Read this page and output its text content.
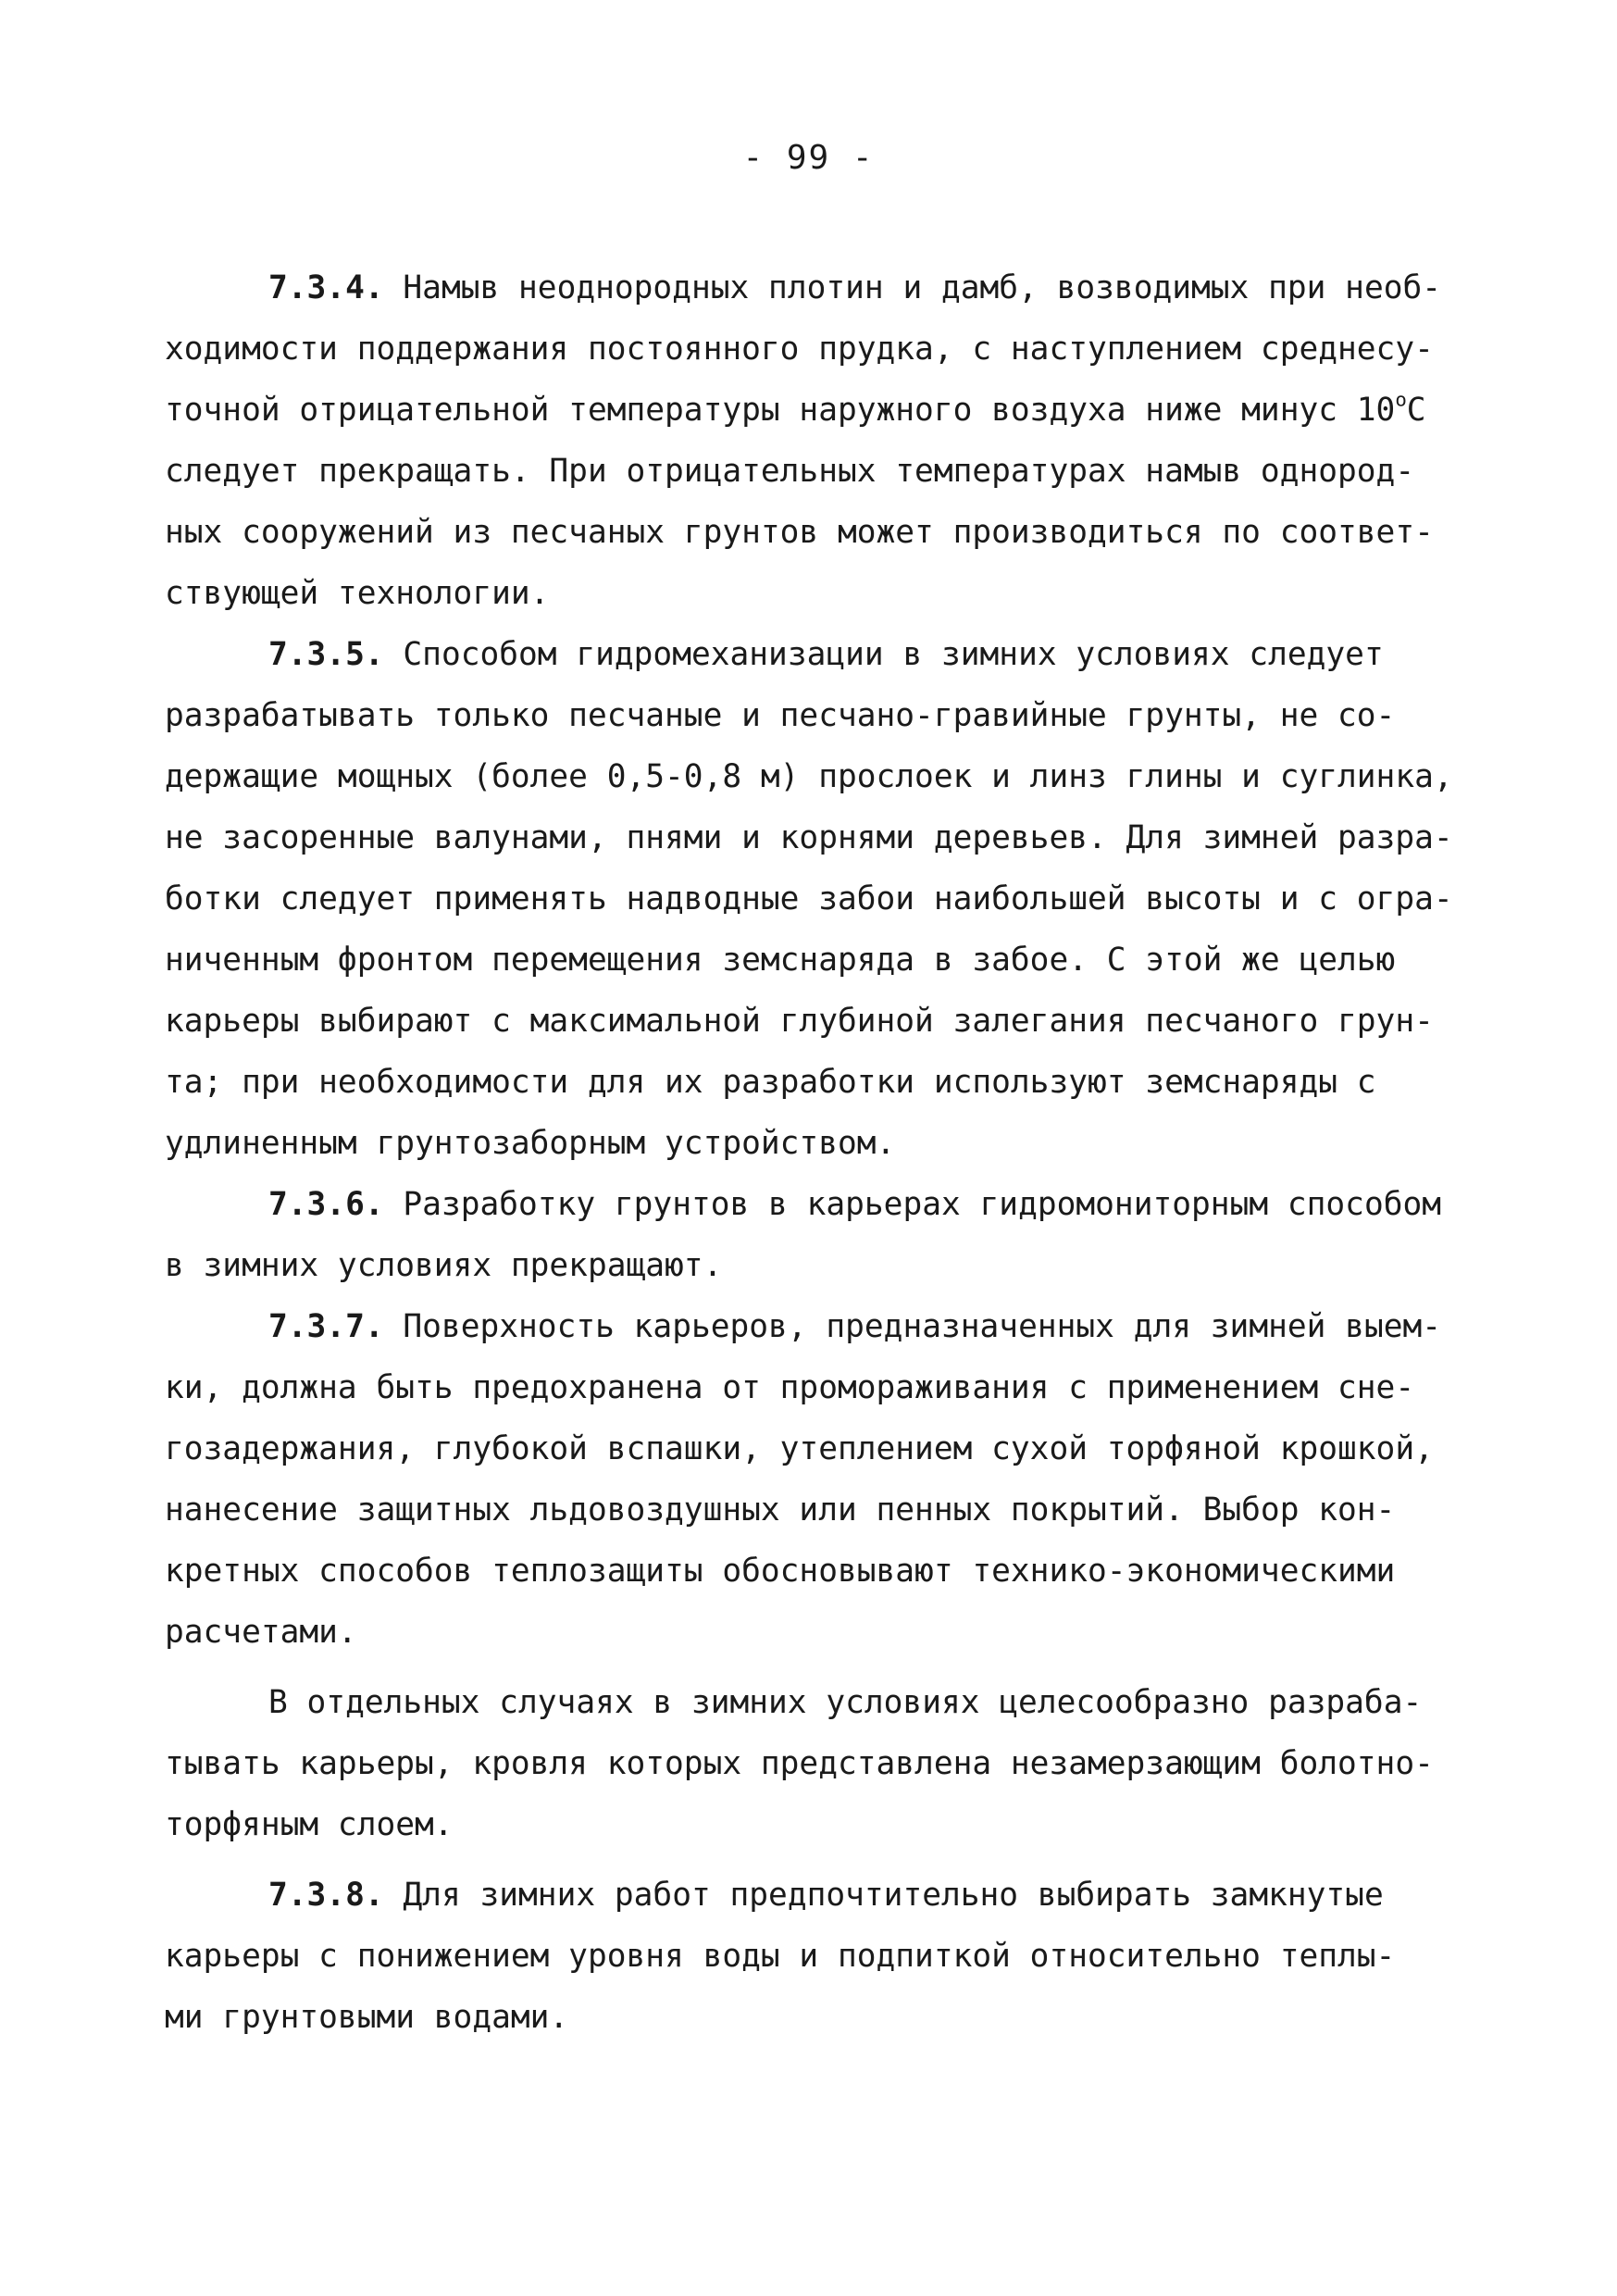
- 99 -
7.3.4. Намыв неоднородных плотин и дамб, возводимых при необ-
ходимости поддержания постоянного прудка, с наступлением среднесу-
точной отрицательной температуры наружного воздуха ниже минус 10$^o$С
следует прекращать. При отрицательных температурах намыв однород-
ных сооружений из песчаных грунтов может производиться по соответ-
ствующей технологии.
7.3.5. Способом гидромеханизации в зимних условиях следует
разрабатывать только песчаные и песчано-гравийные грунты, не со-
держащие мощных (более 0,5-0,8 м) прослоек и линз глины и суглинка,
не засоренные валунами, пнями и корнями деревьев. Для зимней разра-
ботки следует применять надводные забои наибольшей высоты и с огра-
ниченным фронтом перемещения земснаряда в забое. С этой же целью
карьеры выбирают с максимальной глубиной залегания песчаного грун-
та; при необходимости для их разработки используют земснаряды с
удлиненным грунтозаборным устройством.
7.3.6. Разработку грунтов в карьерах гидромониторным способом
в зимних условиях прекращают.
7.3.7. Поверхность карьеров, предназначенных для зимней выем-
ки, должна быть предохранена от промораживания с применением сне-
гозадержания, глубокой вспашки, утеплением сухой торфяной крошкой,
нанесение защитных льдовоздушных или пенных покрытий. Выбор кон-
кретных способов теплозащиты обосновывают технико-экономическими
расчетами.
В отдельных случаях в зимних условиях целесообразно разраба-
тывать карьеры, кровля которых представлена незамерзающим болотно-
торфяным слоем.
7.3.8. Для зимних работ предпочтительно выбирать замкнутые
карьеры с понижением уровня воды и подпиткой относительно теплы-
ми грунтовыми водами.
